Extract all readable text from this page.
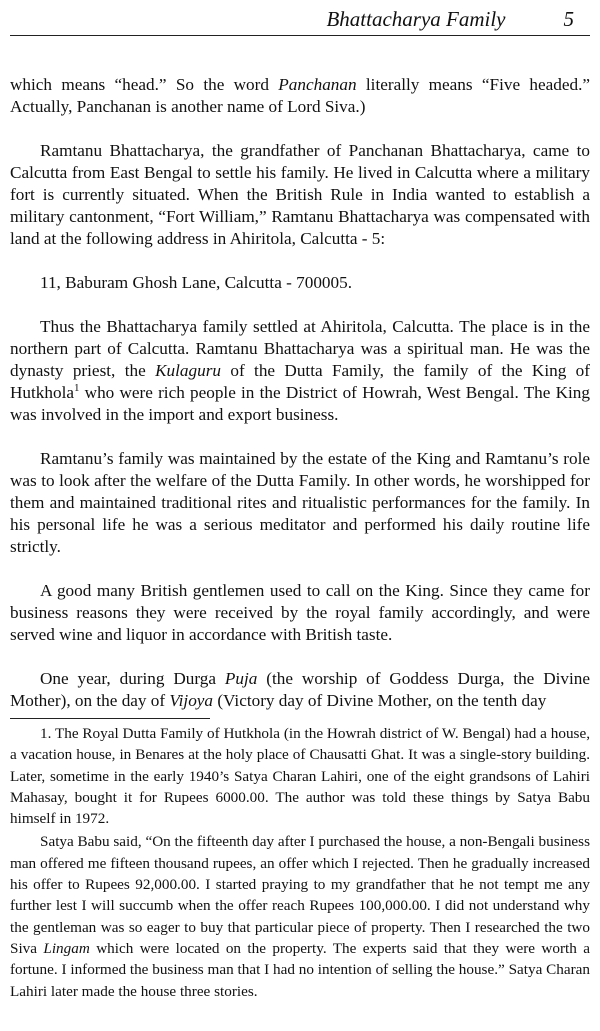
Bhattacharya Family	5

which means “head.” So the word Panchanan literally means “Five headed.” Actually, Panchanan is another name of Lord Siva.)

Ramtanu Bhattacharya, the grandfather of Panchanan Bhattacharya, came to Calcutta from East Bengal to settle his family. He lived in Calcutta where a military fort is currently situated. When the British Rule in India wanted to establish a military cantonment, “Fort William,” Ramtanu Bhattacharya was compensated with land at the following address in Ahiritola, Calcutta - 5:

11, Baburam Ghosh Lane, Calcutta - 700005.

Thus the Bhattacharya family settled at Ahiritola, Calcutta. The place is in the northern part of Calcutta. Ramtanu Bhattacharya was a spiritual man. He was the dynasty priest, the Kulaguru of the Dutta Family, the family of the King of Hutkhola$^1$ who were rich people in the District of Howrah, West Bengal. The King was involved in the import and export business.

Ramtanu’s family was maintained by the estate of the King and Ramtanu’s role was to look after the welfare of the Dutta Family. In other words, he worshipped for them and maintained traditional rites and ritualistic performances for the family. In his personal life he was a serious meditator and performed his daily routine life strictly.

A good many British gentlemen used to call on the King. Since they came for business reasons they were received by the royal family accordingly, and were served wine and liquor in accordance with British taste.

One year, during Durga Puja (the worship of Goddess Durga, the Divine Mother), on the day of Vijoya (Victory day of Divine Mother, on the tenth day

1. The Royal Dutta Family of Hutkhola (in the Howrah district of W. Bengal) had a house, a vacation house, in Benares at the holy place of Chausatti Ghat. It was a single-story building. Later, sometime in the early 1940’s Satya Charan Lahiri, one of the eight grandsons of Lahiri Mahasay, bought it for Rupees 6000.00. The author was told these things by Satya Babu himself in 1972.

Satya Babu said, “On the fifteenth day after I purchased the house, a non-Bengali business man offered me fifteen thousand rupees, an offer which I rejected. Then he gradually increased his offer to Rupees 92,000.00. I started praying to my grandfather that he not tempt me any further lest I will succumb when the offer reach Rupees 100,000.00. I did not understand why the gentleman was so eager to buy that particular piece of property. Then I researched the two Siva Lingam which were located on the property. The experts said that they were worth a fortune. I informed the business man that I had no intention of selling the house.” Satya Charan Lahiri later made the house three stories.
